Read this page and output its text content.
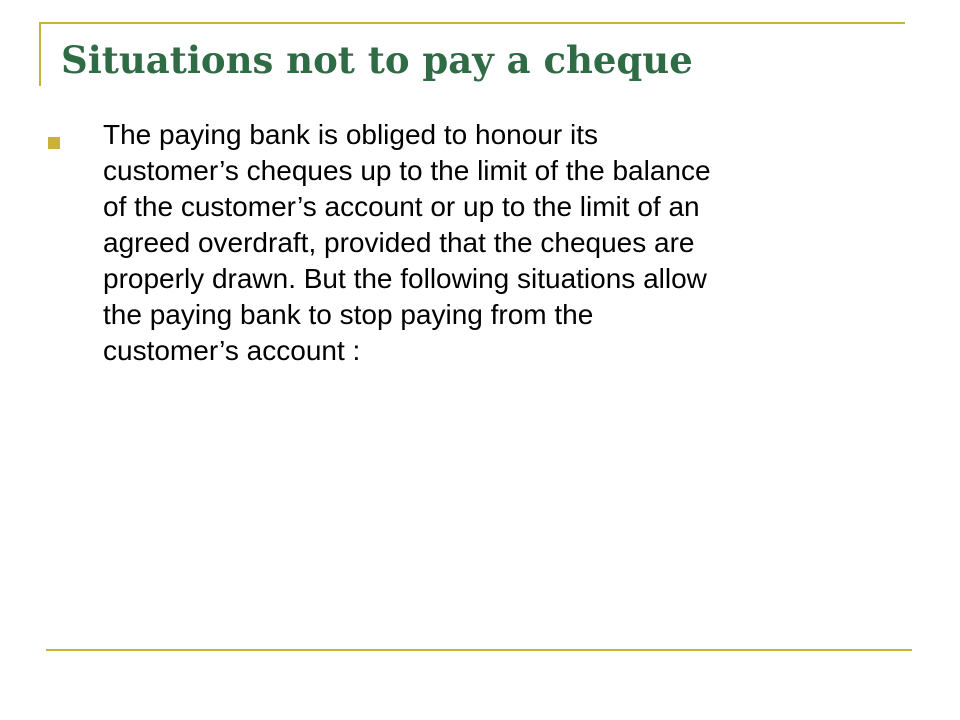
Situations not to pay a cheque
The paying bank is obliged to honour its
customer’s cheques up to the limit of the balance
of the customer’s account or up to the limit of an
agreed overdraft, provided that the cheques are
properly drawn. But the following situations allow
the paying bank to stop paying from the
customer’s account :
